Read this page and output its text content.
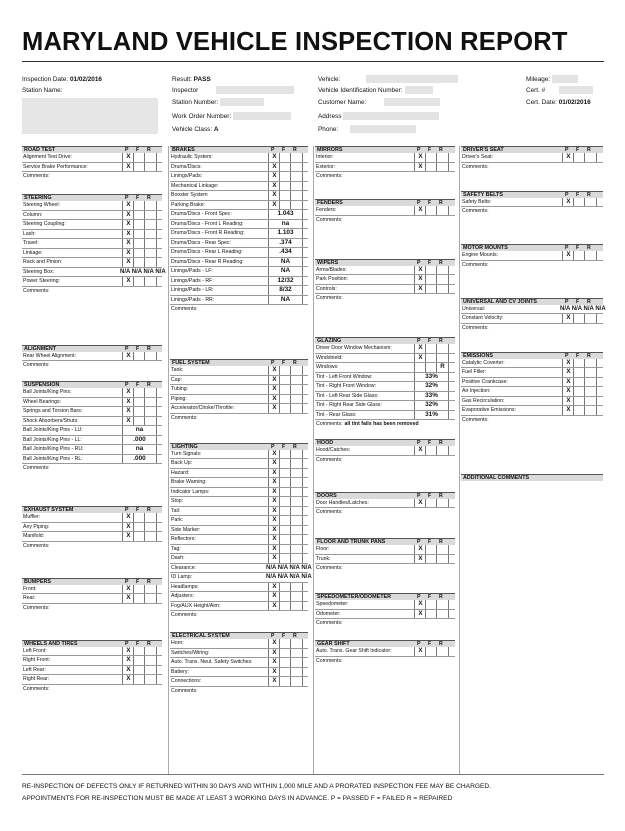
MARYLAND VEHICLE INSPECTION REPORT
Inspection Date: 01/02/2016
Station Name:
Result: PASS
Inspector
Station Number:
Work Order Number:
Vehicle Class: A
Vehicle:
Vehicle Identification Number:
Customer Name:
Address
Phone:
Mileage:
Cert. #
Cert. Date: 01/02/2016
ROAD TEST	P F R
Alignment Test Drive:	X
Service Brake Performance:	X
Comments:
STEERING	P F R
Steering Wheel:	X
Column:	X
Steering Coupling:	X
Lash:	X
Travel:	X
Linkage:	X
Rack and Pinion:	X
Steering Box:	N/A N/A N/A N/A
Power Steering:	X
Comments:
ALIGNMENT	P F R
Rear Wheel Alignment:	X
Comments:
SUSPENSION	P F R
Ball Joints/King Pins:	X
Wheel Bearings:	X
Springs and Torsion Bars:	X
Shock Absorbers/Struts:	X
Ball Joints/King Pins - LU:	na
Ball Joints/King Pins - LL:	.000
Ball Joints/King Pins - RU:	na
Ball Joints/King Pins - RL:	.000
Comments:
EXHAUST SYSTEM	P F R
Muffler:	X
Any Piping:	X
Manifold:	X
Comments:
BUMPERS	P F R
Front:	X
Rear:	X
Comments:
WHEELS AND TIRES	P F R
Left Front:	X
Right Front:	X
Left Rear:	X
Right Rear:	X
Comments:
BRAKES	P F R
Hydraulic System:	X
Drums/Discs:	X
Linings/Pads:	X
Mechanical Linkage:	X
Booster System	X
Parking Brake:	X
Drums/Discs - Front Spec:	1.043
Drums/Discs - Front L Reading:	na
Drums/Discs - Front R Reading:	1.103
Drums/Discs - Rear Spec:	.374
Drums/Discs - Rear L Reading:	.434
Drums/Discs - Rear R Reading:	NA
Linings/Pads - LF:	NA
Linings/Pads - RF:	12/32
Linings/Pads - LR:	8/32
Linings/Pads - RR:	NA
Comments:
FUEL SYSTEM	P F R
Tank:	X
Cap:	X
Tubing:	X
Piping:	X
Accelerator/Choke/Throttle:	X
Comments:
LIGHTING	P F R
Turn Signals:	X
Back Up:	X
Hazard:	X
Brake Warning:	X
Indicator Lamps:	X
Stop:	X
Tail:	X
Park:	X
Side Marker:	X
Reflectors:	X
Tag:	X
Dash:	X
Clearance:	N/A N/A N/A N/A
ID Lamp:	N/A N/A N/A N/A
Headlamps:	X
Adjusters:	X
Fog/AUX Height/Aim:	X
Comments:
ELECTRICAL SYSTEM	P F R
Horn:	X
Switches/Wiring:	X
Auto. Trans. Neut. Safety Switches:	X
Battery:	X
Connections:	X
Comments:
MIRRORS	P F R
Interior:	X
Exterior:	X
Comments:
FENDERS	P F R
Fenders:	X
Comments:
WIPERS	P F R
Arms/Blades:	X
Park Position:	X
Controls:	X
Comments:
GLAZING	P F R
Driver Door Window Mechanism:	X
Windshield:	X
Windows:	R
Tint - Left Front Window:	33%
Tint - Right Front Window:	32%
Tint - Left Rear Side Glass:	33%
Tint - Right Rear Side Glass:	32%
Tint - Rear Glass:	31%
Comments: all tint fails has been removed
HOOD	P F R
Hood/Catches:	X
Comments:
DOORS	P F R
Door Handles/Latches:	X
Comments:
FLOOR AND TRUNK PANS	P F R
Floor:	X
Trunk:	X
Comments:
SPEEDOMETER/ODOMETER	P F R
Speedometer:	X
Odometer:	X
Comments:
GEAR SHIFT	P F R
Auto. Trans. Gear Shift Indicator:	X
Comments:
DRIVER'S SEAT	P F R
Driver's Seat:	X
Comments:
SAFETY BELTS	P F R
Safety Belts:	X
Comments:
MOTOR MOUNTS	P F R
Engine Mounts:	X
Comments:
UNIVERSAL AND CV JOINTS	P F R
Universal:	N/A N/A N/A N/A
Constant Velocity:	X
Comments:
EMISSIONS	P F R
Catalytic Coverter:	X
Fuel Filler:	X
Positive Crankcase:	X
Air Injection:	X
Gas Recirculation:	X
Evaporative Emissions:	X
Comments:
ADDITIONAL COMMENTS
RE-INSPECTION OF DEFECTS ONLY IF RETURNED WITHIN 30 DAYS AND WITHIN 1,000 MILE AND A PRORATED INSPECTION FEE MAY BE CHARGED.
APPOINTMENTS FOR RE-INSPECTION MUST BE MADE AT LEAST 3 WORKING DAYS IN ADVANCE. P = PASSED F = FAILED R = REPAIRED
